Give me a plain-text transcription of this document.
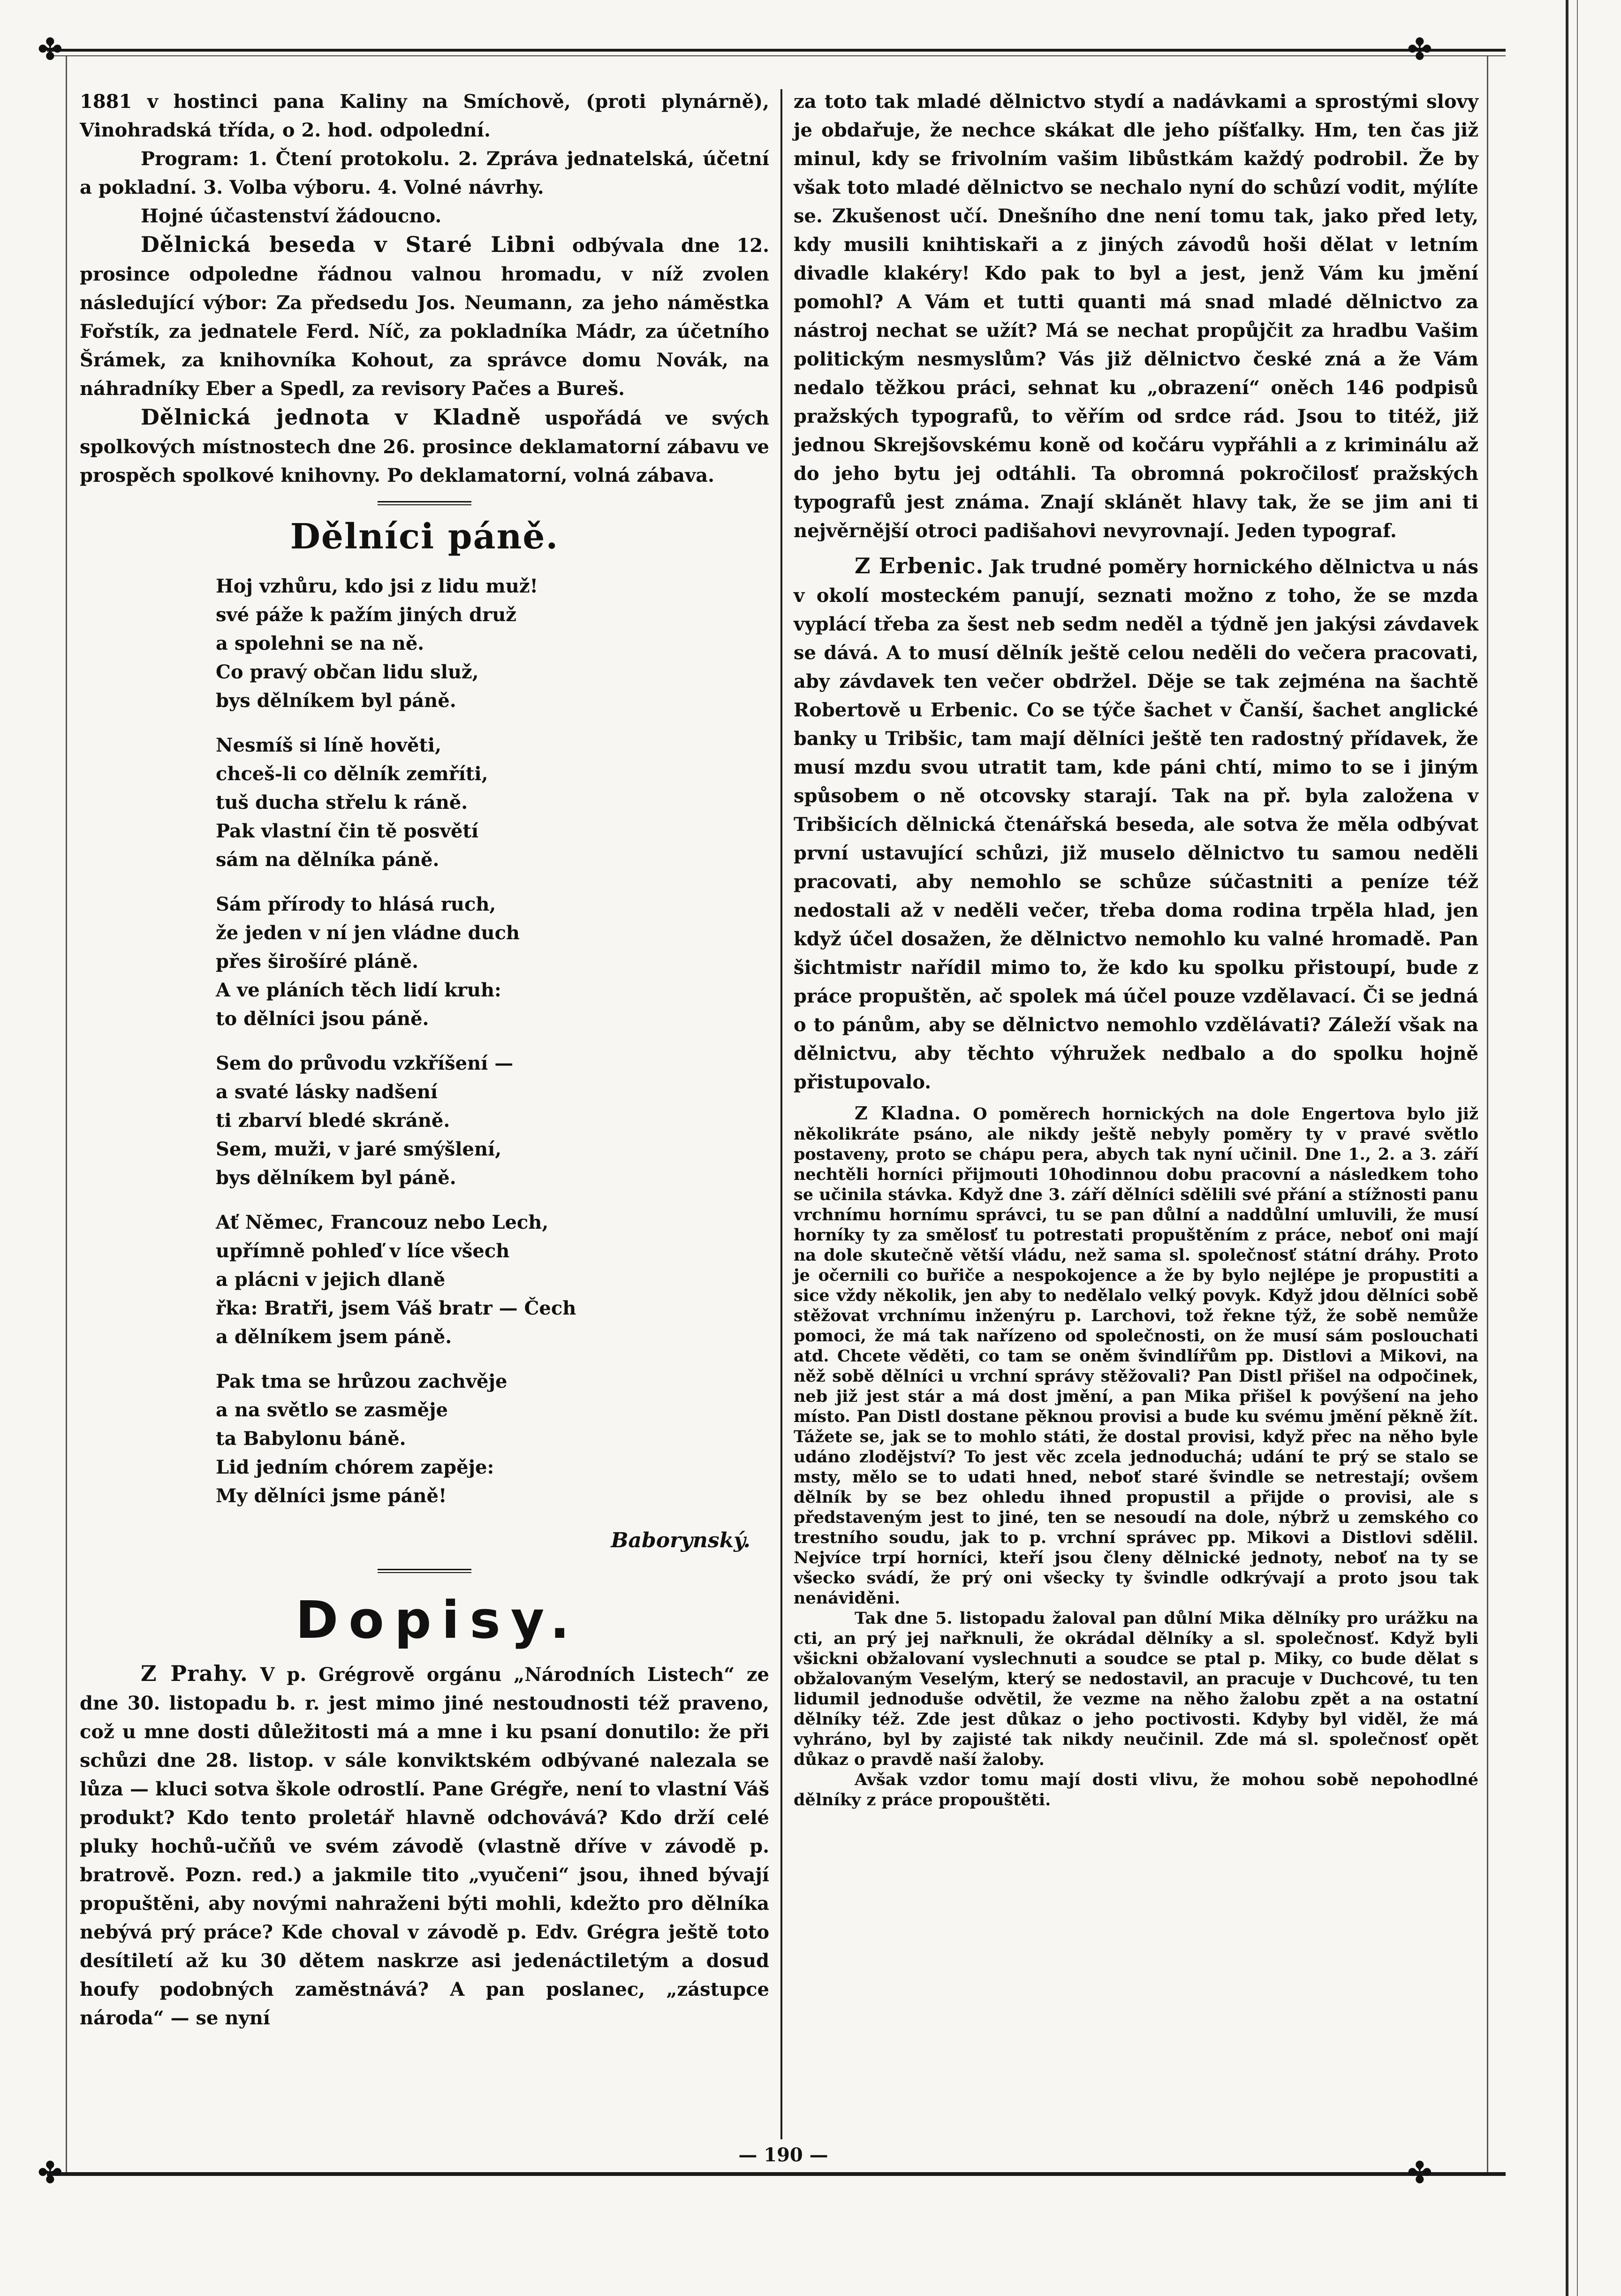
✤	✤
✤	✤

1881 v hostinci pana Kaliny na Smíchově, (proti plynárně), Vinohradská třída, o 2. hod. odpolední.

Program: 1. Čtení protokolu. 2. Zpráva jednatelská, účetní a pokladní. 3. Volba výboru. 4. Volné návrhy.

Hojné účastenství žádoucno.

Dělnická beseda v Staré Libni odbývala dne 12. prosince odpoledne řádnou valnou hromadu, v níž zvolen následující výbor: Za předsedu Jos. Neumann, za jeho náměstka Fořstík, za jednatele Ferd. Níč, za pokladníka Mádr, za účetního Šrámek, za knihovníka Kohout, za správce domu Novák, na náhradníky Eber a Spedl, za revisory Pačes a Bureš.

Dělnická jednota v Kladně uspořádá ve svých spolkových místnostech dne 26. prosince deklamatorní zábavu ve prospěch spolkové knihovny. Po deklamatorní, volná zábava.

Dělníci páně.

Hoj vzhůru, kdo jsi z lidu muž!

své páže k pažím jiných druž

a spolehni se na ně.

Co pravý občan lidu služ,

bys dělníkem byl páně.

Nesmíš si líně hověti,

chceš-li co dělník zemříti,

tuš ducha střelu k ráně.

Pak vlastní čin tě posvětí

sám na dělníka páně.

Sám přírody to hlásá ruch,

že jeden v ní jen vládne duch

přes širošíré pláně.

A ve pláních těch lidí kruh:

to dělníci jsou páně.

Sem do průvodu vzkříšení —

a svaté lásky nadšení

ti zbarví bledé skráně.

Sem, muži, v jaré smýšlení,

bys dělníkem byl páně.

Ať Němec, Francouz nebo Lech,

upřímně pohleď v líce všech

a plácni v jejich dlaně

řka: Bratři, jsem Váš bratr — Čech

a dělníkem jsem páně.

Pak tma se hrůzou zachvěje

a na světlo se zasměje

ta Babylonu báně.

Lid jedním chórem zapěje:

My dělníci jsme páně!

Baborynský.
Dopisy.

Z Prahy. V p. Grégrově orgánu „Národních Listech“ ze dne 30. listopadu b. r. jest mimo jiné nestoudnosti též praveno, což u mne dosti důležitosti má a mne i ku psaní donutilo: že při schůzi dne 28. listop. v sále konviktském odbývané nalezala se lůza — kluci sotva škole odrostlí. Pane Grégře, není to vlastní Váš produkt? Kdo tento proletář hlavně odchovává? Kdo drží celé pluky hochů-učňů ve svém závodě (vlastně dříve v závodě p. bratrově. Pozn. red.) a jakmile tito „vyučeni“ jsou, ihned bývají propuštěni, aby novými nahraženi býti mohli, kdežto pro dělníka nebývá prý práce? Kde choval v závodě p. Edv. Grégra ještě toto desítiletí až ku 30 dětem naskrze asi jedenáctiletým a dosud houfy podobných zaměstnává? A pan poslanec, „zástupce národa“ — se nyní

za toto tak mladé dělnictvo stydí a nadávkami a sprostými slovy je obdařuje, že nechce skákat dle jeho píšťalky. Hm, ten čas již minul, kdy se frivolním vašim libůstkám každý podrobil. Že by však toto mladé dělnictvo se nechalo nyní do schůzí vodit, mýlíte se. Zkušenost učí. Dnešního dne není tomu tak, jako před lety, kdy musili knihtiskaři a z jiných závodů hoši dělat v letním divadle klakéry! Kdo pak to byl a jest, jenž Vám ku jmění pomohl? A Vám et tutti quanti má snad mladé dělnictvo za nástroj nechat se užít? Má se nechat propůjčit za hradbu Vašim politickým nesmyslům? Vás již dělnictvo české zná a že Vám nedalo těžkou práci, sehnat ku „obrazení“ oněch 146 podpisů pražských typografů, to věřím od srdce rád. Jsou to titéž, již jednou Skrejšovskému koně od kočáru vypřáhli a z kriminálu až do jeho bytu jej odtáhli. Ta obromná pokročilosť pražských typografů jest známa. Znají sklánět hlavy tak, že se jim ani ti nejvěrnější otroci padišahovi nevyrovnají. Jeden typograf.

Z Erbenic. Jak trudné poměry hornického dělnictva u nás v okolí mosteckém panují, seznati možno z toho, že se mzda vyplácí třeba za šest neb sedm neděl a týdně jen jakýsi závdavek se dává. A to musí dělník ještě celou neděli do večera pracovati, aby závdavek ten večer obdržel. Děje se tak zejména na šachtě Robertově u Erbenic. Co se týče šachet v Čanší, šachet anglické banky u Tribšic, tam mají dělníci ještě ten radostný přídavek, že musí mzdu svou utratit tam, kde páni chtí, mimo to se i jiným spůsobem o ně otcovsky starají. Tak na př. byla založena v Tribšicích dělnická čtenářská beseda, ale sotva že měla odbývat první ustavující schůzi, již muselo dělnictvo tu samou neděli pracovati, aby nemohlo se schůze súčastniti a peníze též nedostali až v neděli večer, třeba doma rodina trpěla hlad, jen když účel dosažen, že dělnictvo nemohlo ku valné hromadě. Pan šichtmistr nařídil mimo to, že kdo ku spolku přistoupí, bude z práce propuštěn, ač spolek má účel pouze vzdělavací. Či se jedná o to pánům, aby se dělnictvo nemohlo vzdělávati? Záleží však na dělnictvu, aby těchto výhružek nedbalo a do spolku hojně přistupovalo.

Z Kladna. O poměrech hornických na dole Engertova bylo již několikráte psáno, ale nikdy ještě nebyly poměry ty v pravé světlo postaveny, proto se chápu pera, abych tak nyní učinil. Dne 1., 2. a 3. září nechtěli horníci přijmouti 10hodinnou dobu pracovní a následkem toho se učinila stávka. Když dne 3. září dělníci sdělili své přání a stížnosti panu vrchnímu hornímu správci, tu se pan důlní a naddůlní umluvili, že musí horníky ty za smělosť tu potrestati propuštěním z práce, neboť oni mají na dole skutečně větší vládu, než sama sl. společnosť státní dráhy. Proto je očernili co buřiče a nespokojence a že by bylo nejlépe je propustiti a sice vždy několik, jen aby to nedělalo velký povyk. Když jdou dělníci sobě stěžovat vrchnímu inženýru p. Larchovi, tož řekne týž, že sobě nemůže pomoci, že má tak nařízeno od společnosti, on že musí sám poslouchati atd. Chcete věděti, co tam se oněm švindlířům pp. Distlovi a Mikovi, na něž sobě dělníci u vrchní správy stěžovali? Pan Distl přišel na odpočinek, neb již jest stár a má dost jmění, a pan Mika přišel k povýšení na jeho místo. Pan Distl dostane pěknou provisi a bude ku svému jmění pěkně žít. Tážete se, jak se to mohlo státi, že dostal provisi, když přec na něho byle udáno zlodějství? To jest věc zcela jednoduchá; udání te prý se stalo se msty, mělo se to udati hned, neboť staré švindle se netrestají; ovšem dělník by se bez ohledu ihned propustil a přijde o provisi, ale s představeným jest to jiné, ten se nesoudí na dole, nýbrž u zemského co trestního soudu, jak to p. vrchní správec pp. Mikovi a Distlovi sdělil. Nejvíce trpí horníci, kteří jsou členy dělnické jednoty, neboť na ty se všecko svádí, že prý oni všecky ty švindle odkrývají a proto jsou tak nenáviděni.

Tak dne 5. listopadu žaloval pan důlní Mika dělníky pro urážku na cti, an prý jej nařknuli, že okrádal dělníky a sl. společnosť. Když byli všickni obžalovaní vyslechnuti a soudce se ptal p. Miky, co bude dělat s obžalovaným Veselým, který se nedostavil, an pracuje v Duchcové, tu ten lidumil jednoduše odvětil, že vezme na něho žalobu zpět a na ostatní dělníky též. Zde jest důkaz o jeho poctivosti. Kdyby byl viděl, že má vyhráno, byl by zajisté tak nikdy neučinil. Zde má sl. společnosť opět důkaz o pravdě naší žaloby.

Avšak vzdor tomu mají dosti vlivu, že mohou sobě nepohodlné dělníky z práce propouštěti.

— 190 —
